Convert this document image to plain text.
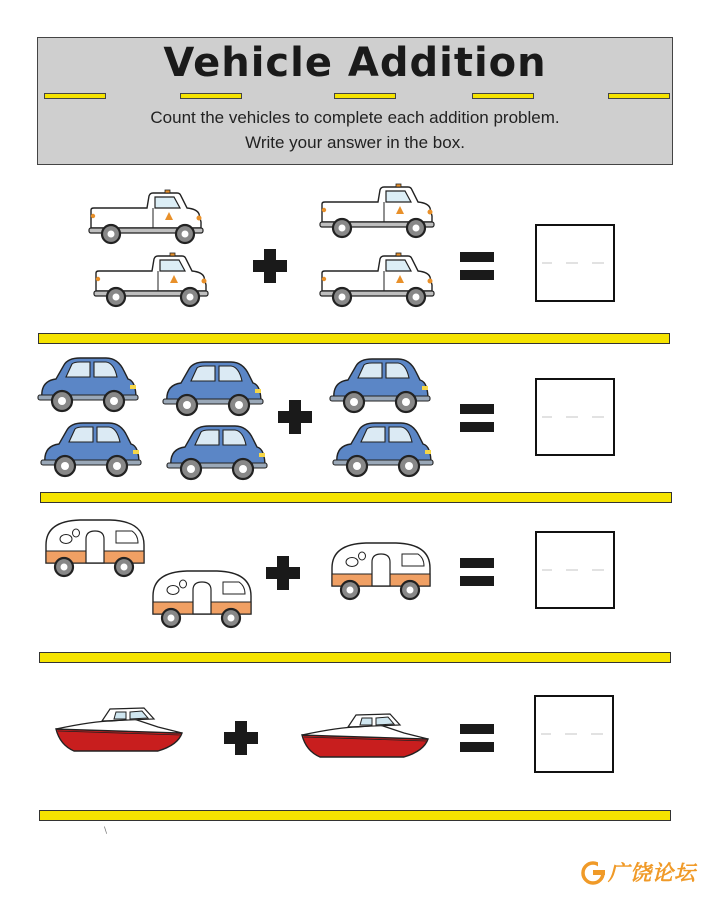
Vehicle Addition
Count the vehicles to complete each addition problem.
Write your answer in the box.
\
广饶论坛
